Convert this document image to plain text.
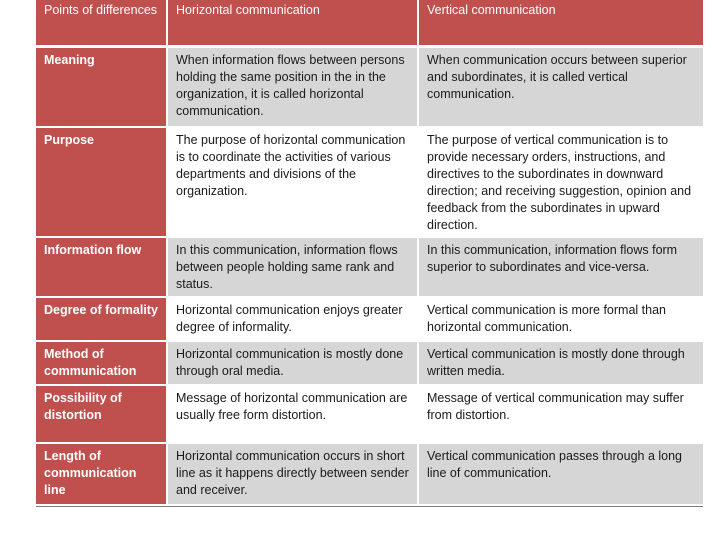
Points of differences	Horizontal communication	Vertical communication
Meaning	When information flows between persons holding the same position in the in the organization, it is called horizontal communication.	When communication occurs between superior and subordinates, it is called vertical communication.
Purpose	The purpose of horizontal communication is to coordinate the activities of various departments and divisions of the organization.	The purpose of vertical communication is to provide necessary orders, instructions, and directives to the subordinates in downward direction; and receiving suggestion, opinion and feedback from the subordinates in upward direction.
Information flow	In this communication, information flows between people holding same rank and status.	In this communication, information flows form superior to subordinates and vice-versa.
Degree of formality	Horizontal communication enjoys greater degree of informality.	Vertical communication is more formal than horizontal communication.
Method of communication	Horizontal communication is mostly done through oral media.	Vertical communication is mostly done through written media.
Possibility of distortion	Message of horizontal communication are usually free form distortion.	Message of vertical communication may suffer from distortion.
Length of communication line	Horizontal communication occurs in short line as it happens directly between sender and receiver.	Vertical communication passes through a long line of communication.
